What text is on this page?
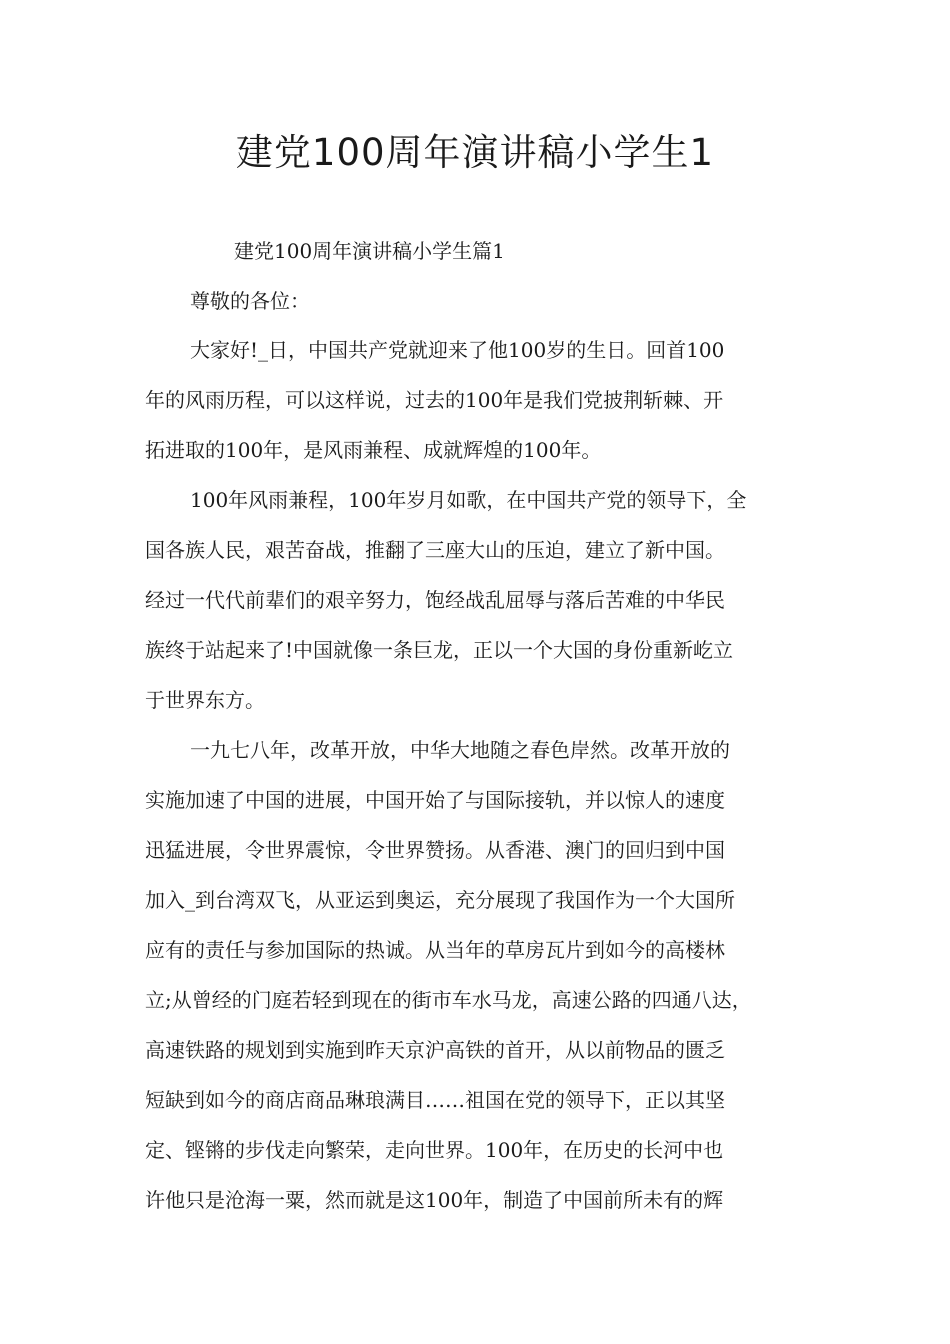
建党100周年演讲稿小学生1

建党100周年演讲稿小学生篇1

尊敬的各位：

大家好!_日，中国共产党就迎来了他100岁的生日。回首100
年的风雨历程，可以这样说，过去的100年是我们党披荆斩棘、开
拓进取的100年，是风雨兼程、成就辉煌的100年。
100年风雨兼程，100年岁月如歌，在中国共产党的领导下，全
国各族人民，艰苦奋战，推翻了三座大山的压迫，建立了新中国。
经过一代代前辈们的艰辛努力，饱经战乱屈辱与落后苦难的中华民
族终于站起来了!中国就像一条巨龙，正以一个大国的身份重新屹立
于世界东方。
一九七八年，改革开放，中华大地随之春色岸然。改革开放的
实施加速了中国的进展，中国开始了与国际接轨，并以惊人的速度
迅猛进展，令世界震惊，令世界赞扬。从香港、澳门的回归到中国
加入_到台湾双飞，从亚运到奥运，充分展现了我国作为一个大国所
应有的责任与参加国际的热诚。从当年的草房瓦片到如今的高楼林
立;从曾经的门庭若轻到现在的街市车水马龙，高速公路的四通八达，
高速铁路的规划到实施到昨天京沪高铁的首开，从以前物品的匮乏
短缺到如今的商店商品琳琅满目……祖国在党的领导下，正以其坚
定、铿锵的步伐走向繁荣，走向世界。100年，在历史的长河中也
许他只是沧海一粟，然而就是这100年，制造了中国前所未有的辉
